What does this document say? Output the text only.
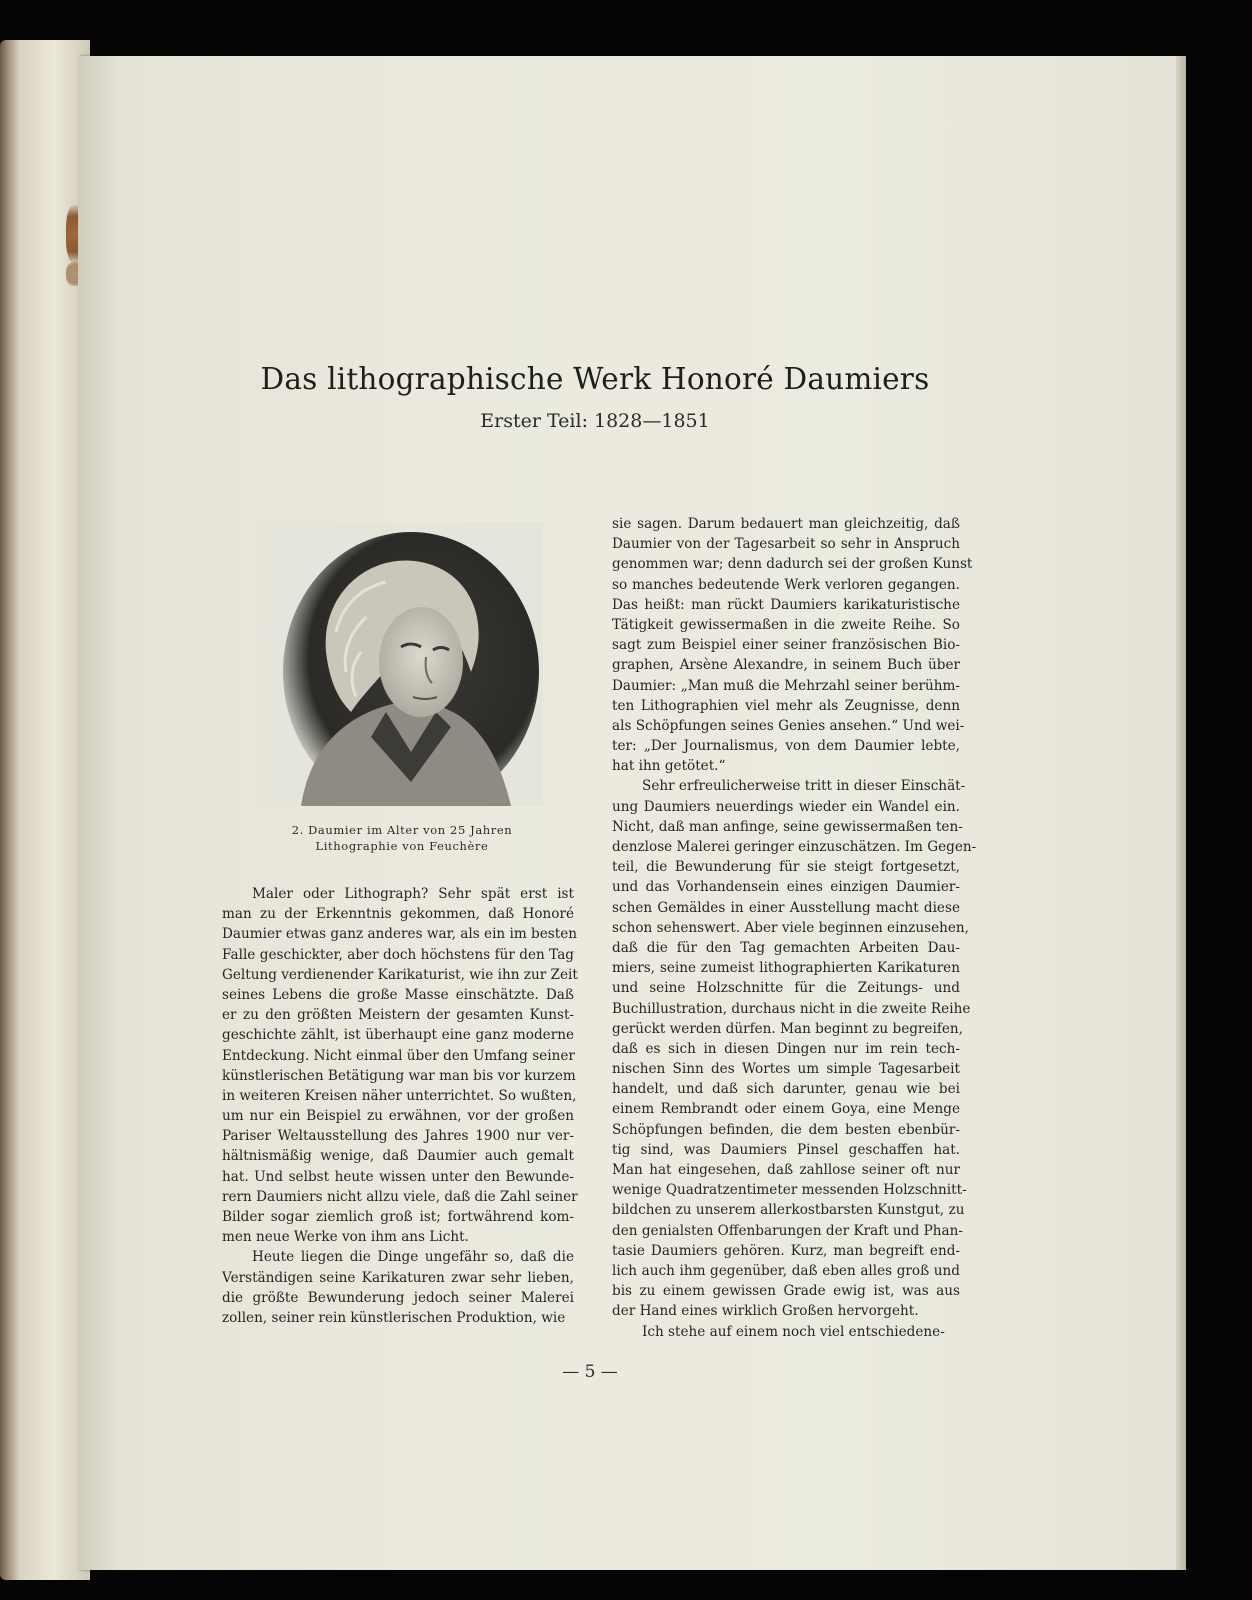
Das lithographische Werk Honoré Daumiers
Erster Teil: 1828—1851
2. Daumier im Alter von 25 Jahren
Lithographie von Feuchère
Maler oder Lithograph? Sehr spät erst ist
man zu der Erkenntnis gekommen, daß Honoré
Daumier etwas ganz anderes war, als ein im besten
Falle geschickter, aber doch höchstens für den Tag
Geltung verdienender Karikaturist, wie ihn zur Zeit
seines Lebens die große Masse einschätzte. Daß
er zu den größten Meistern der gesamten Kunst-
geschichte zählt, ist überhaupt eine ganz moderne
Entdeckung. Nicht einmal über den Umfang seiner
künstlerischen Betätigung war man bis vor kurzem
in weiteren Kreisen näher unterrichtet. So wußten,
um nur ein Beispiel zu erwähnen, vor der großen
Pariser Weltausstellung des Jahres 1900 nur ver-
hältnismäßig wenige, daß Daumier auch gemalt
hat. Und selbst heute wissen unter den Bewunde-
rern Daumiers nicht allzu viele, daß die Zahl seiner
Bilder sogar ziemlich groß ist; fortwährend kom-
men neue Werke von ihm ans Licht.
Heute liegen die Dinge ungefähr so, daß die
Verständigen seine Karikaturen zwar sehr lieben,
die größte Bewunderung jedoch seiner Malerei
zollen, seiner rein künstlerischen Produktion, wie
sie sagen. Darum bedauert man gleichzeitig, daß
Daumier von der Tagesarbeit so sehr in Anspruch
genommen war; denn dadurch sei der großen Kunst
so manches bedeutende Werk verloren gegangen.
Das heißt: man rückt Daumiers karikaturistische
Tätigkeit gewissermaßen in die zweite Reihe. So
sagt zum Beispiel einer seiner französischen Bio-
graphen, Arsène Alexandre, in seinem Buch über
Daumier: „Man muß die Mehrzahl seiner berühm-
ten Lithographien viel mehr als Zeugnisse, denn
als Schöpfungen seines Genies ansehen.“ Und wei-
ter: „Der Journalismus, von dem Daumier lebte,
hat ihn getötet.“
Sehr erfreulicherweise tritt in dieser Einschät-
ung Daumiers neuerdings wieder ein Wandel ein.
Nicht, daß man anfinge, seine gewissermaßen ten-
denzlose Malerei geringer einzuschätzen. Im Gegen-
teil, die Bewunderung für sie steigt fortgesetzt,
und das Vorhandensein eines einzigen Daumier-
schen Gemäldes in einer Ausstellung macht diese
schon sehenswert. Aber viele beginnen einzusehen,
daß die für den Tag gemachten Arbeiten Dau-
miers, seine zumeist lithographierten Karikaturen
und seine Holzschnitte für die Zeitungs- und
Buchillustration, durchaus nicht in die zweite Reihe
gerückt werden dürfen. Man beginnt zu begreifen,
daß es sich in diesen Dingen nur im rein tech-
nischen Sinn des Wortes um simple Tagesarbeit
handelt, und daß sich darunter, genau wie bei
einem Rembrandt oder einem Goya, eine Menge
Schöpfungen befinden, die dem besten ebenbür-
tig sind, was Daumiers Pinsel geschaffen hat.
Man hat eingesehen, daß zahllose seiner oft nur
wenige Quadratzentimeter messenden Holzschnitt-
bildchen zu unserem allerkostbarsten Kunstgut, zu
den genialsten Offenbarungen der Kraft und Phan-
tasie Daumiers gehören. Kurz, man begreift end-
lich auch ihm gegenüber, daß eben alles groß und
bis zu einem gewissen Grade ewig ist, was aus
der Hand eines wirklich Großen hervorgeht.
Ich stehe auf einem noch viel entschiedene-
— 5 —
